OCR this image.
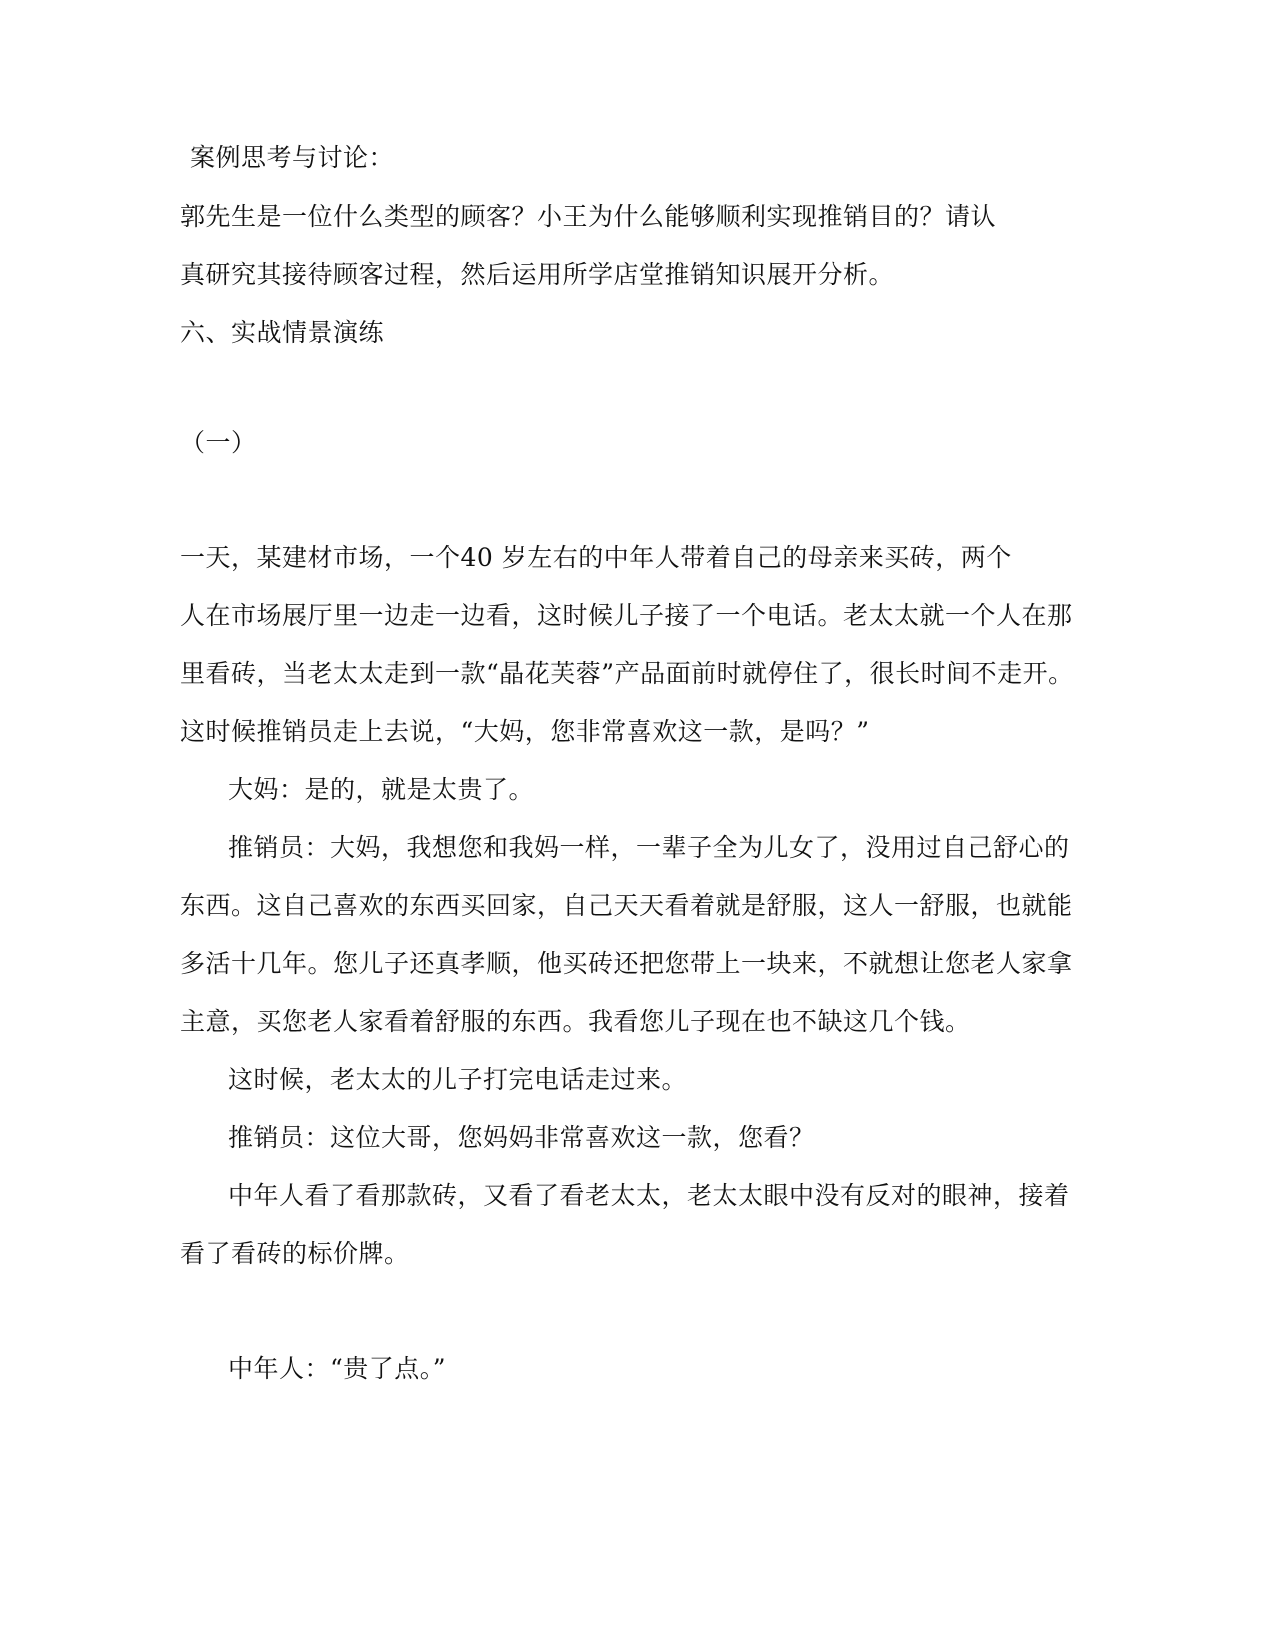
案例思考与讨论：
郭先生是一位什么类型的顾客？小王为什么能够顺利实现推销目的？请认
真研究其接待顾客过程，然后运用所学店堂推销知识展开分析。
六、实战情景演练
（一）
一天，某建材市场，一个40 岁左右的中年人带着自己的母亲来买砖，两个
人在市场展厅里一边走一边看，这时候儿子接了一个电话。老太太就一个人在那
里看砖，当老太太走到一款“晶花芙蓉”产品面前时就停住了，很长时间不走开。
这时候推销员走上去说，“大妈，您非常喜欢这一款，是吗？”
大妈：是的，就是太贵了。
推销员：大妈，我想您和我妈一样，一辈子全为儿女了，没用过自己舒心的
东西。这自己喜欢的东西买回家，自己天天看着就是舒服，这人一舒服，也就能
多活十几年。您儿子还真孝顺，他买砖还把您带上一块来，不就想让您老人家拿
主意，买您老人家看着舒服的东西。我看您儿子现在也不缺这几个钱。
这时候，老太太的儿子打完电话走过来。
推销员：这位大哥，您妈妈非常喜欢这一款，您看？
中年人看了看那款砖，又看了看老太太，老太太眼中没有反对的眼神，接着
看了看砖的标价牌。
中年人：“贵了点。”
